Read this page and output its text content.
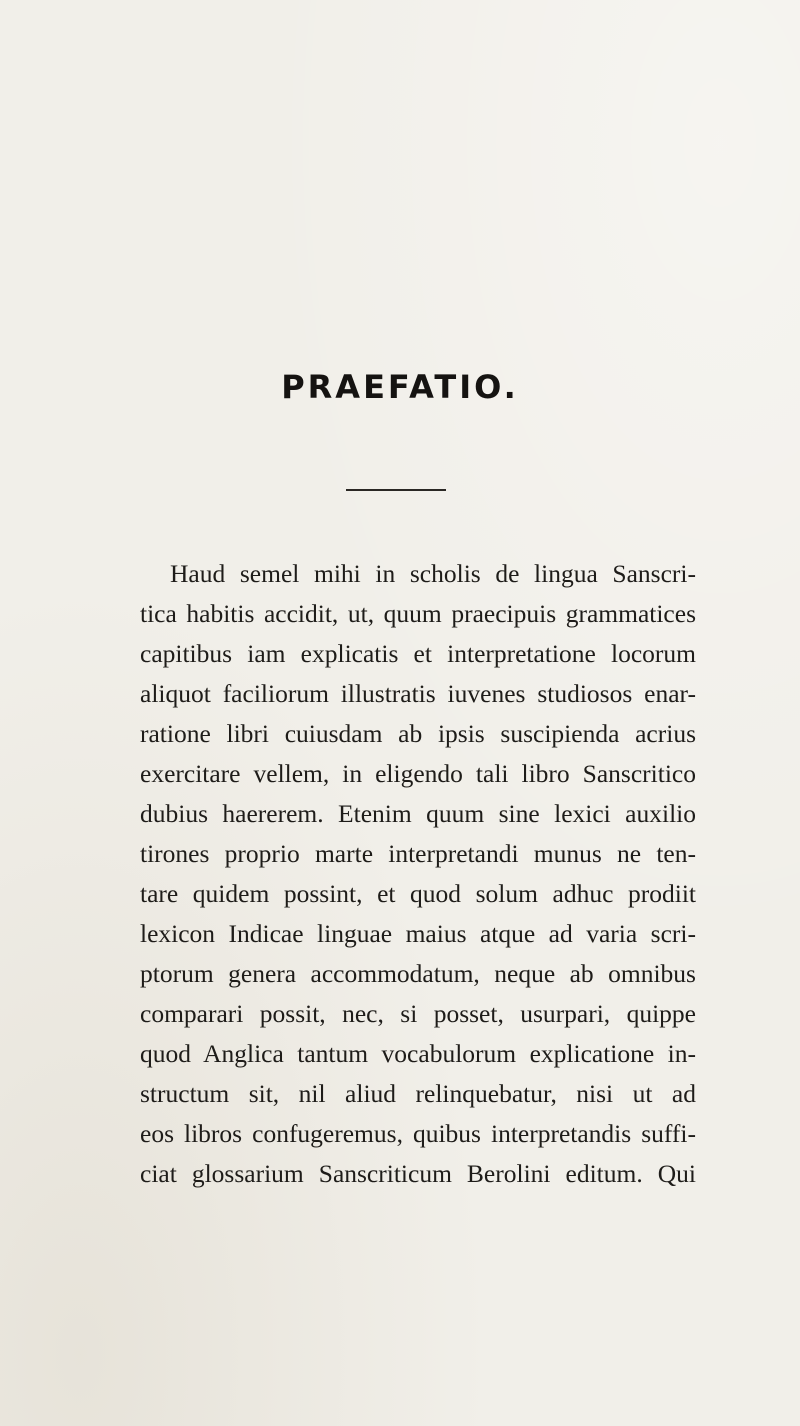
PRAEFATIO.
Haud semel mihi in scholis de lingua Sanscri-
tica habitis accidit, ut, quum praecipuis grammatices
capitibus iam explicatis et interpretatione locorum
aliquot faciliorum illustratis iuvenes studiosos enar-
ratione libri cuiusdam ab ipsis suscipienda acrius
exercitare vellem, in eligendo tali libro Sanscritico
dubius haererem. Etenim quum sine lexici auxilio
tirones proprio marte interpretandi munus ne ten-
tare quidem possint, et quod solum adhuc prodiit
lexicon Indicae linguae maius atque ad varia scri-
ptorum genera accommodatum, neque ab omnibus
comparari possit, nec, si posset, usurpari, quippe
quod Anglica tantum vocabulorum explicatione in-
structum sit, nil aliud relinquebatur, nisi ut ad
eos libros confugeremus, quibus interpretandis suffi-
ciat glossarium Sanscriticum Berolini editum. Qui
